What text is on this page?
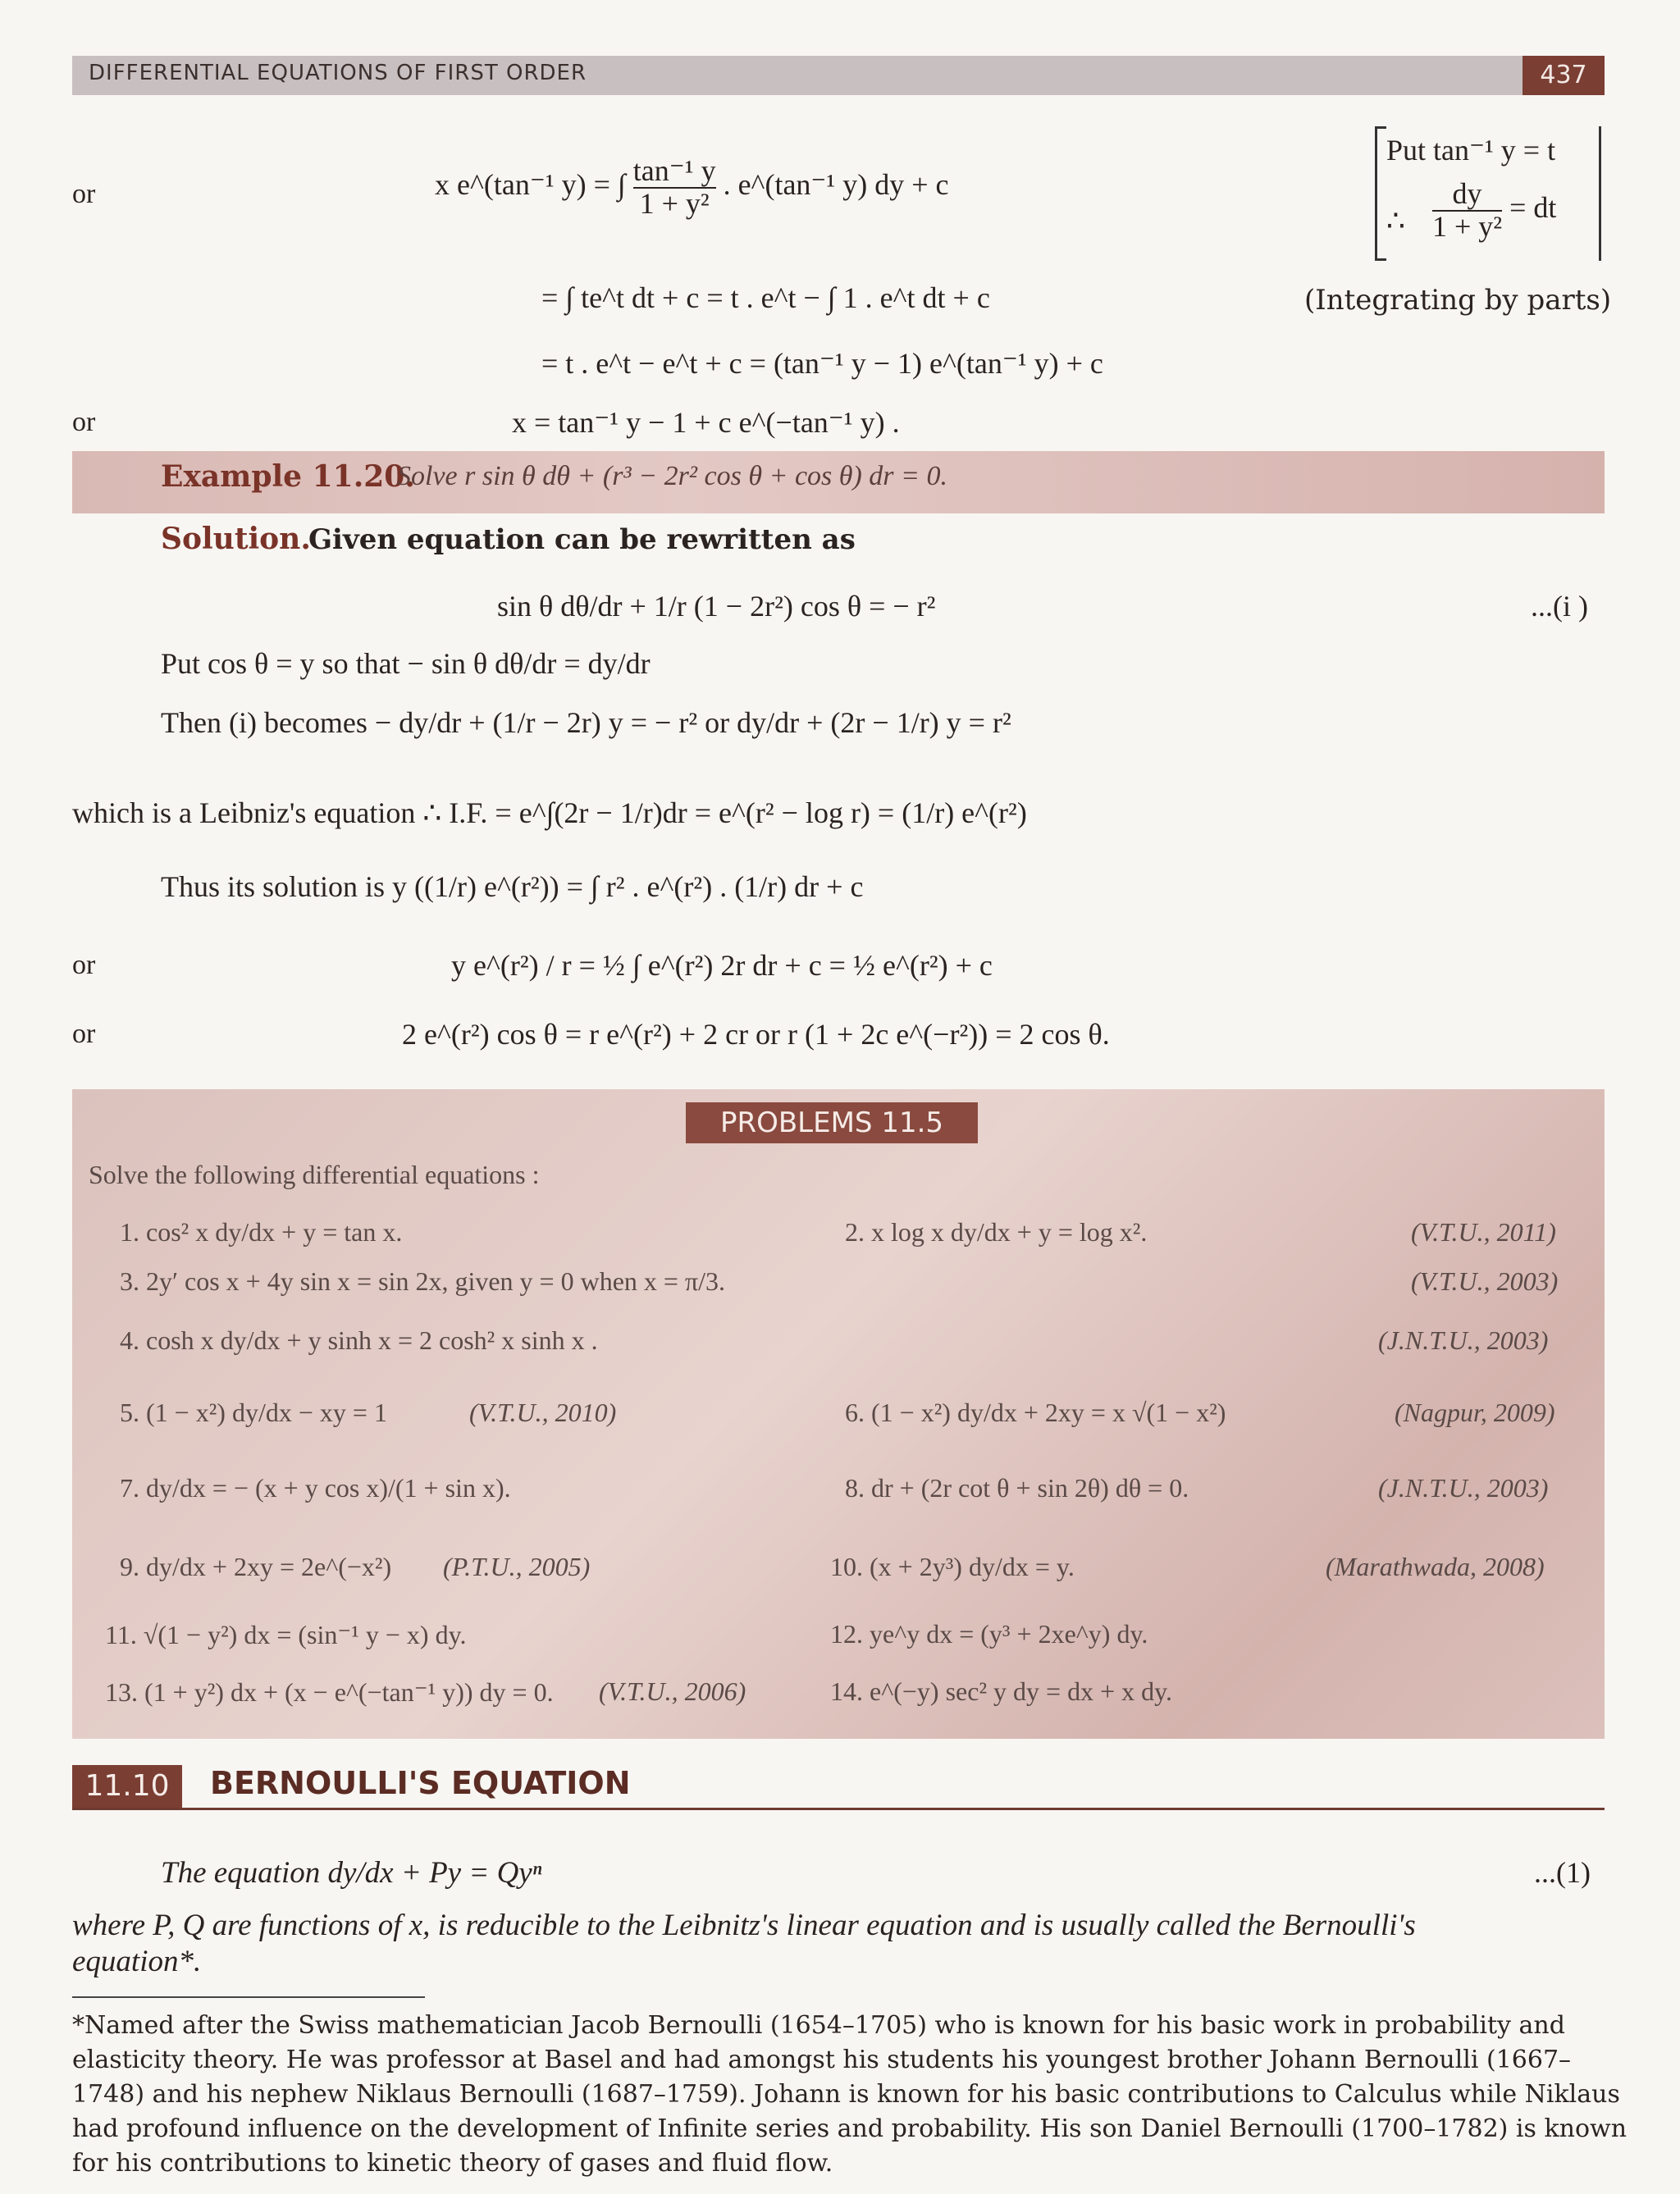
DIFFERENTIAL EQUATIONS OF FIRST ORDER	437
Put tan⁻¹ y = t
∴ $\frac{dy}{\text{1 + y²}}$ = dt
(Integrating by parts)
or	x e^(tan⁻¹ y) = ∫ $\frac{\text{tan⁻¹ y}}{\text{1 + y²}}$ . e^(tan⁻¹ y) dy + c
= ∫ te^t dt + c = t . e^t − ∫ 1 . e^t dt + c
= t . e^t − e^t + c = (tan⁻¹ y − 1) e^(tan⁻¹ y) + c
or	x = tan⁻¹ y − 1 + c e^(−tan⁻¹ y) .
Example 11.20.
Solve r sin θ dθ + (r³ − 2r² cos θ + cos θ) dr = 0.
Solution.
Given equation can be rewritten as
sin θ dθ/dr + 1/r (1 − 2r²) cos θ = − r²	...(i )
Put cos θ = y so that − sin θ dθ/dr = dy/dr
Then (i) becomes − dy/dr + (1/r − 2r) y = − r² or dy/dr + (2r − 1/r) y = r²
which is a Leibniz's equation ∴ I.F. = e^∫(2r − 1/r)dr = e^(r² − log r) = (1/r) e^(r²)
Thus its solution is y ((1/r) e^(r²)) = ∫ r² . e^(r²) . (1/r) dr + c
or	y e^(r²) / r = ½ ∫ e^(r²) 2r dr + c = ½ e^(r²) + c
or	2 e^(r²) cos θ = r e^(r²) + 2 cr or r (1 + 2c e^(−r²)) = 2 cos θ.
PROBLEMS 11.5
Solve the following differential equations :
1. cos² x dy/dx + y = tan x.	2. x log x dy/dx + y = log x².	(V.T.U., 2011)
3. 2y′ cos x + 4y sin x = sin 2x, given y = 0 when x = π/3.	(V.T.U., 2003)
4. cosh x dy/dx + y sinh x = 2 cosh² x sinh x .	(J.N.T.U., 2003)
5. (1 − x²) dy/dx − xy = 1	(V.T.U., 2010)	6. (1 − x²) dy/dx + 2xy = x √(1 − x²)	(Nagpur, 2009)
7. dy/dx = − (x + y cos x)/(1 + sin x).	8. dr + (2r cot θ + sin 2θ) dθ = 0.	(J.N.T.U., 2003)
9. dy/dx + 2xy = 2e^(−x²) (P.T.U., 2005)	10. (x + 2y³) dy/dx = y.	(Marathwada, 2008)
11. √(1 − y²) dx = (sin⁻¹ y − x) dy.	12. ye^y dx = (y³ + 2xe^y) dy.
13. (1 + y²) dx + (x − e^(−tan⁻¹ y)) dy = 0. (V.T.U., 2006)	14. e^(−y) sec² y dy = dx + x dy.
11.10	BERNOULLI'S EQUATION
The equation dy/dx + Py = Qyⁿ	...(1)
where P, Q are functions of x, is reducible to the Leibnitz's linear equation and is usually called the Bernoulli's
equation*.
*Named after the Swiss mathematician Jacob Bernoulli (1654–1705) who is known for his basic work in probability and
elasticity theory. He was professor at Basel and had amongst his students his youngest brother Johann Bernoulli (1667–
1748) and his nephew Niklaus Bernoulli (1687–1759). Johann is known for his basic contributions to Calculus while Niklaus
had profound influence on the development of Infinite series and probability. His son Daniel Bernoulli (1700–1782) is known
for his contributions to kinetic theory of gases and fluid flow.
